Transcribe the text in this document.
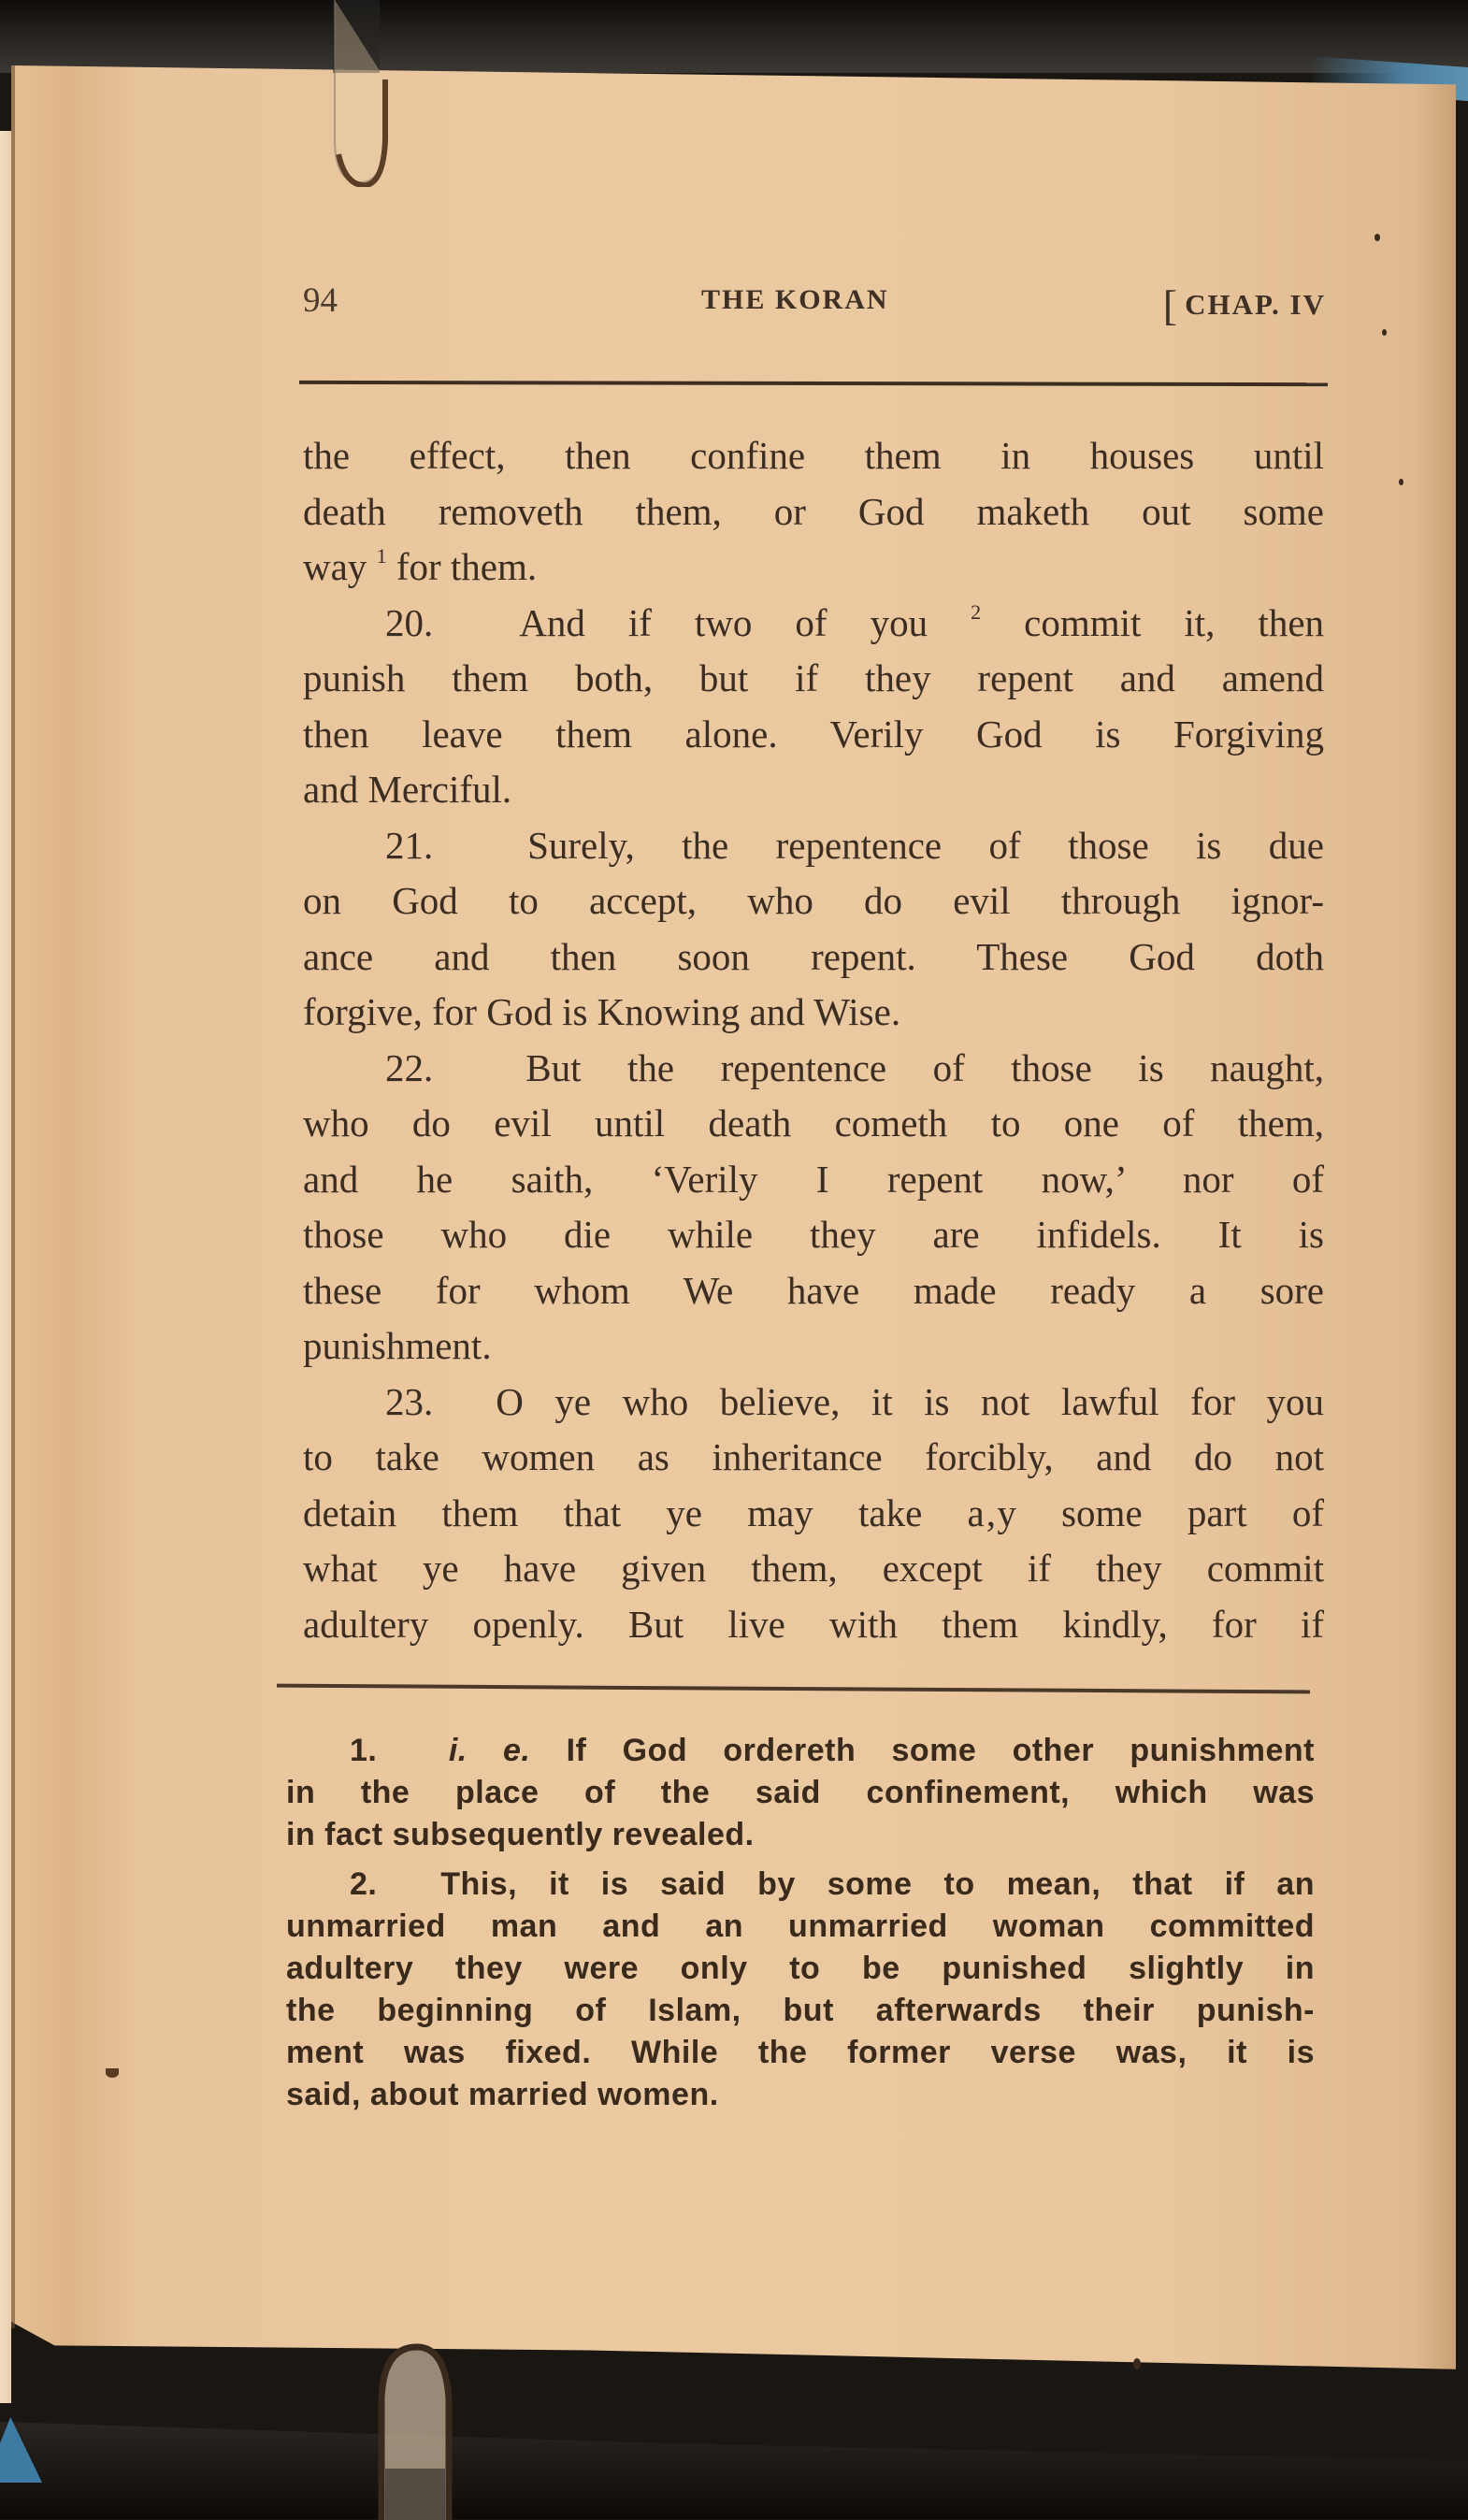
94	THE KORAN	[ CHAP. IV
the effect, then confine them in houses until
death removeth them, or God maketh out some
way $^1$ for them.
20. And if two of you $^2$ commit it, then
punish them both, but if they repent and amend
then leave them alone. Verily God is Forgiving
and Merciful.
21. Surely, the repentence of those is due
on God to accept, who do evil through ignor-
ance and then soon repent. These God doth
forgive, for God is Knowing and Wise.
22. But the repentence of those is naught,
who do evil until death cometh to one of them,
and he saith, ‘Verily I repent now,’ nor of
those who die while they are infidels. It is
these for whom We have made ready a sore
punishment.
23. O ye who believe, it is not lawful for you
to take women as inheritance forcibly, and do not
detain them that ye may take a‚y some part of
what ye have given them, except if they commit
adultery openly. But live with them kindly, for if
1. i. e. If God ordereth some other punishment
in the place of the said confinement, which was
in fact subsequently revealed.
2. This, it is said by some to mean, that if an
unmarried man and an unmarried woman committed
adultery they were only to be punished slightly in
the beginning of Islam, but afterwards their punish-
ment was fixed. While the former verse was, it is
said, about married women.
